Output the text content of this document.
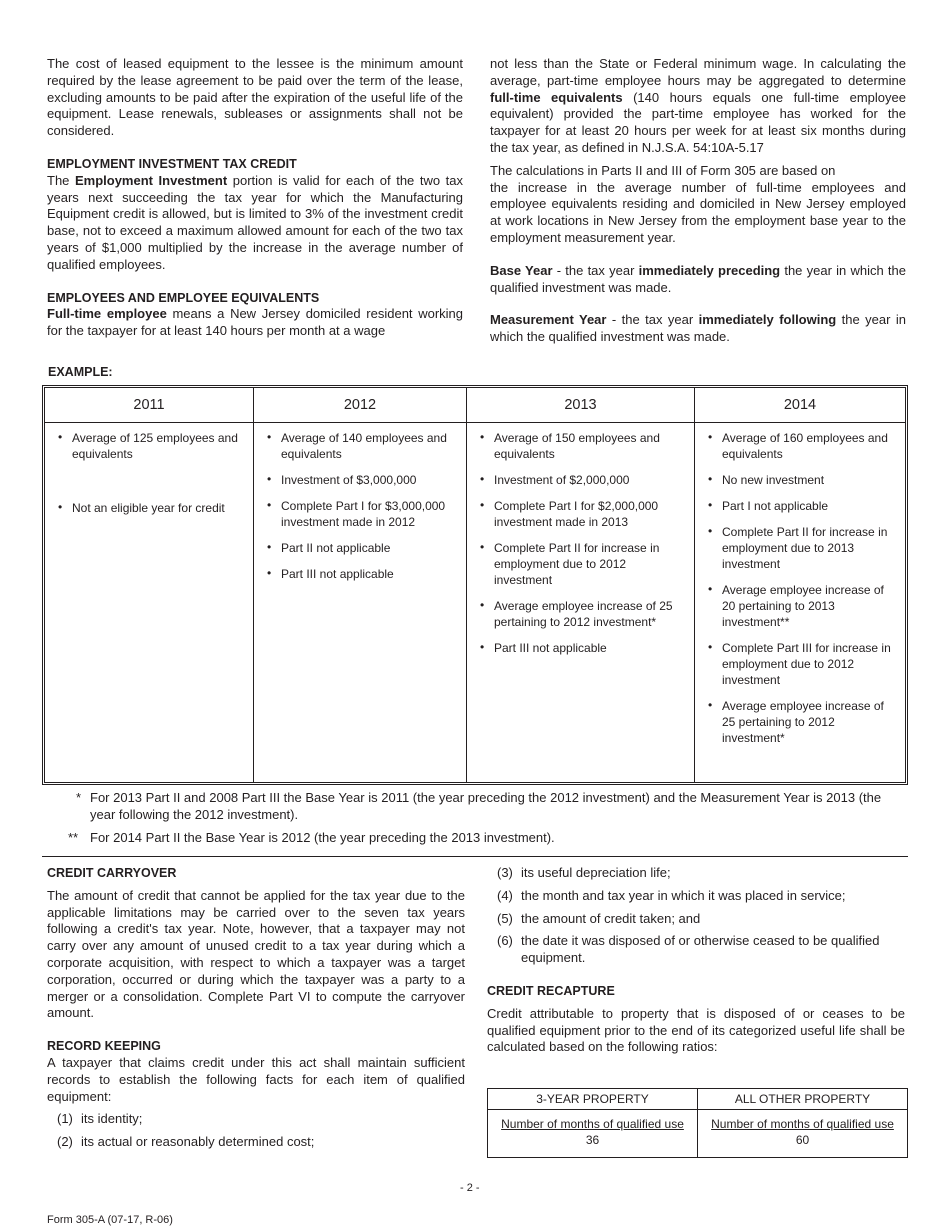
The cost of leased equipment to the lessee is the minimum amount required by the lease agreement to be paid over the term of the lease, excluding amounts to be paid after the expiration of the useful life of the equipment. Lease renewals, subleases or assignments shall not be considered.

EMPLOYMENT INVESTMENT TAX CREDIT

The Employment Investment portion is valid for each of the two tax years next succeeding the tax year for which the Manufacturing Equipment credit is allowed, but is limited to 3% of the investment credit base, not to exceed a maximum allowed amount for each of the two tax years of $1,000 multiplied by the increase in the average number of qualified employees.

EMPLOYEES AND EMPLOYEE EQUIVALENTS

Full-time employee means a New Jersey domiciled resident working for the taxpayer for at least 140 hours per month at a wage

not less than the State or Federal minimum wage. In calculating the average, part-time employee hours may be aggregated to determine full-time equivalents (140 hours equals one full-time employee equivalent) provided the part-time employee has worked for the taxpayer for at least 20 hours per week for at least six months during the tax year, as defined in N.J.S.A. 54:10A-5.17

The calculations in Parts II and III of Form 305 are based on

the increase in the average number of full-time employees and employee equivalents residing and domiciled in New Jersey employed at work locations in New Jersey from the employment base year to the employment measurement year.

Base Year - the tax year immediately preceding the year in which the qualified investment was made.

Measurement Year - the tax year immediately following the year in which the qualified investment was made.

EXAMPLE:
2011
• Average of 125 employees and equivalents
• Not an eligible year for credit
2012
• Average of 140 employees and equivalents
• Investment of $3,000,000
• Complete Part I for $3,000,000 investment made in 2012
• Part II not applicable
• Part III not applicable
2013
• Average of 150 employees and equivalents
• Investment of $2,000,000
• Complete Part I for $2,000,000 investment made in 2013
• Complete Part II for increase in employment due to 2012 investment
• Average employee increase of 25 pertaining to 2012 investment*
• Part III not applicable
2014
• Average of 160 employees and equivalents
• No new investment
• Part I not applicable
• Complete Part II for increase in employment due to 2013 investment
• Average employee increase of 20 pertaining to 2013 investment**
• Complete Part III for increase in employment due to 2012 investment
• Average employee increase of 25 pertaining to 2012 investment*
* For 2013 Part II and 2008 Part III the Base Year is 2011 (the year preceding the 2012 investment) and the Measurement Year is 2013 (the year following the 2012 investment).
** For 2014 Part II the Base Year is 2012 (the year preceding the 2013 investment).

CREDIT CARRYOVER

The amount of credit that cannot be applied for the tax year due to the applicable limitations may be carried over to the seven tax years following a credit's tax year. Note, however, that a taxpayer may not carry over any amount of unused credit to a tax year during which a corporate acquisition, with respect to which a taxpayer was a target corporation, occurred or during which the taxpayer was a party to a merger or a consolidation. Complete Part VI to compute the carryover amount.

RECORD KEEPING

A taxpayer that claims credit under this act shall maintain sufficient records to establish the following facts for each item of qualified equipment:

(1) its identity;
(2) its actual or reasonably determined cost;
(3) its useful depreciation life;
(4) the month and tax year in which it was placed in service;
(5) the amount of credit taken; and
(6) the date it was disposed of or otherwise ceased to be qualified equipment.

CREDIT RECAPTURE

Credit attributable to property that is disposed of or ceases to be qualified equipment prior to the end of its categorized useful life shall be calculated based on the following ratios:

3-YEAR PROPERTY
Number of months of qualified use
36
ALL OTHER PROPERTY
Number of months of qualified use
60
- 2 -
Form 305-A (07-17, R-06)
